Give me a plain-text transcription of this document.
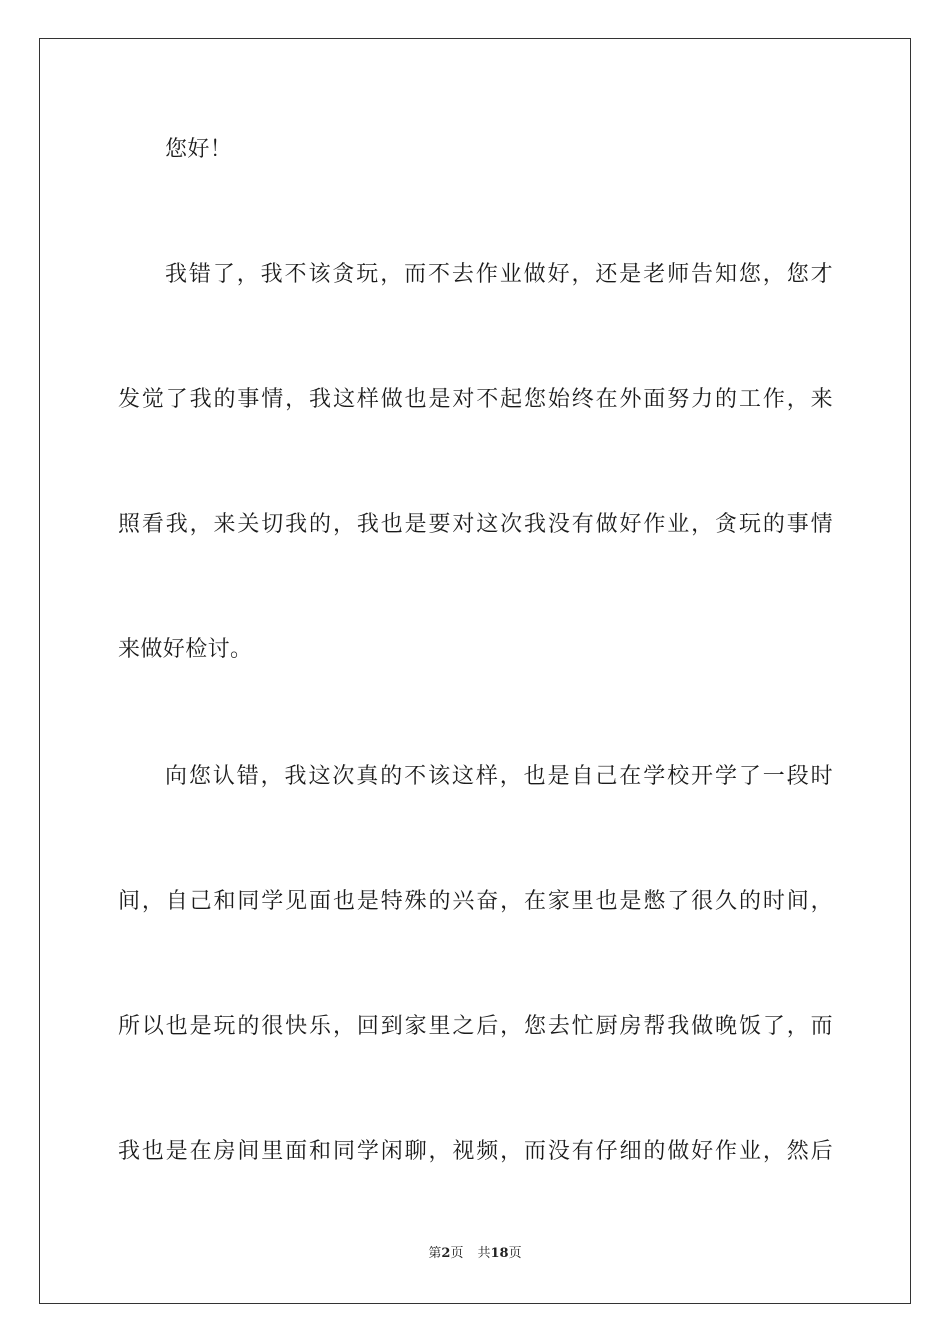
您好！
我错了，我不该贪玩，而不去作业做好，还是老师告知您，您才
发觉了我的事情，我这样做也是对不起您始终在外面努力的工作，来
照看我，来关切我的，我也是要对这次我没有做好作业，贪玩的事情
来做好检讨。
向您认错，我这次真的不该这样，也是自己在学校开学了一段时
间，自己和同学见面也是特殊的兴奋，在家里也是憋了很久的时间，
所以也是玩的很快乐，回到家里之后，您去忙厨房帮我做晚饭了，而
我也是在房间里面和同学闲聊，视频，而没有仔细的做好作业，然后
第2页 共18页
